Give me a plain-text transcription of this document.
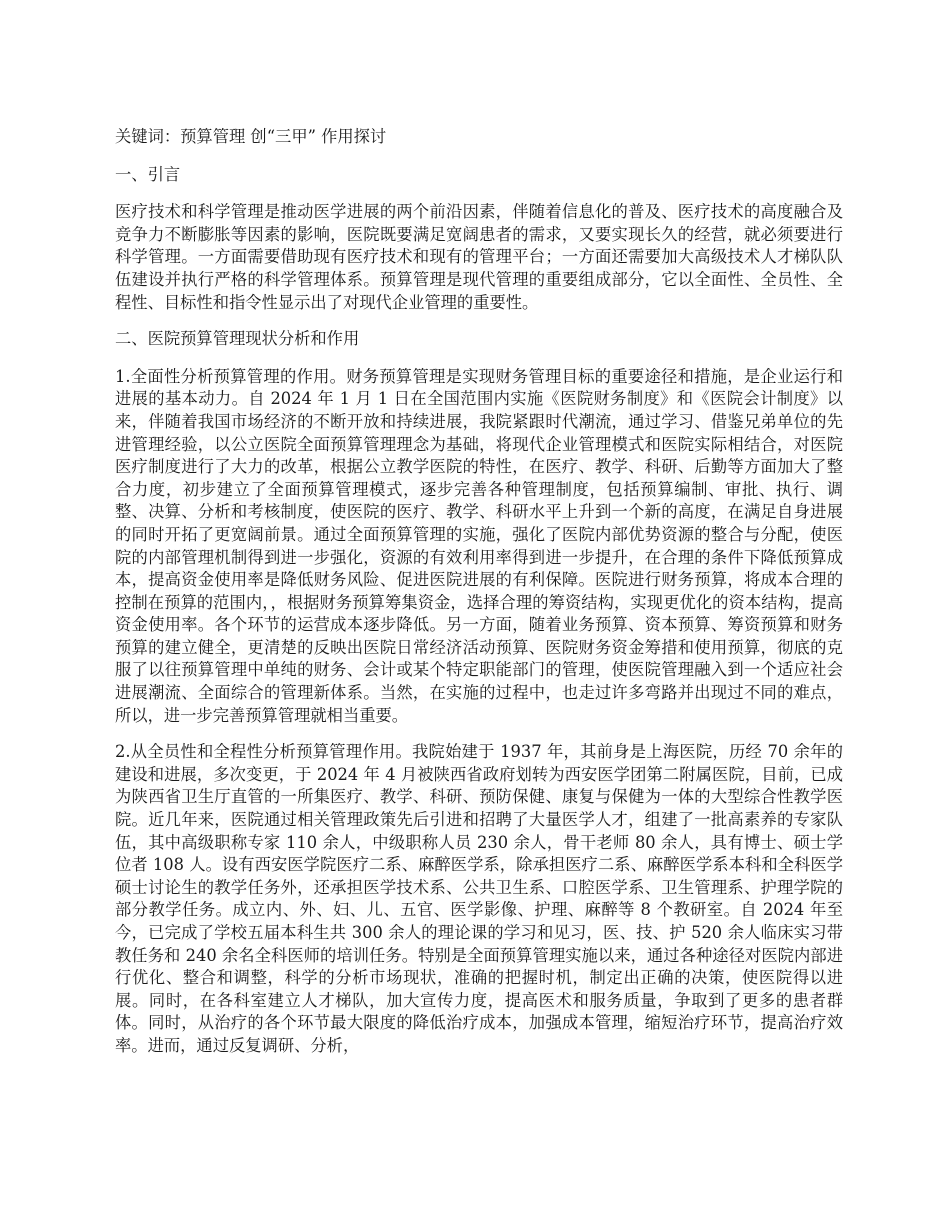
关键词：预算管理 创“三甲” 作用探讨

一、引言

医疗技术和科学管理是推动医学进展的两个前沿因素，伴随着信息化的普及、医疗技术的高度融合及竞争力不断膨胀等因素的影响，医院既要满足宽阔患者的需求，又要实现长久的经营，就必须要进行科学管理。一方面需要借助现有医疗技术和现有的管理平台；一方面还需要加大高级技术人才梯队队伍建设并执行严格的科学管理体系。预算管理是现代管理的重要组成部分，它以全面性、全员性、全程性、目标性和指令性显示出了对现代企业管理的重要性。

二、医院预算管理现状分析和作用

1.全面性分析预算管理的作用。财务预算管理是实现财务管理目标的重要途径和措施，是企业运行和进展的基本动力。自 2024 年 1 月 1 日在全国范围内实施《医院财务制度》和《医院会计制度》以来，伴随着我国市场经济的不断开放和持续进展，我院紧跟时代潮流，通过学习、借鉴兄弟单位的先进管理经验，以公立医院全面预算管理理念为基础，将现代企业管理模式和医院实际相结合，对医院医疗制度进行了大力的改革，根据公立教学医院的特性，在医疗、教学、科研、后勤等方面加大了整合力度，初步建立了全面预算管理模式，逐步完善各种管理制度，包括预算编制、审批、执行、调整、决算、分析和考核制度，使医院的医疗、教学、科研水平上升到一个新的高度，在满足自身进展的同时开拓了更宽阔前景。通过全面预算管理的实施，强化了医院内部优势资源的整合与分配，使医院的内部管理机制得到进一步强化，资源的有效利用率得到进一步提升，在合理的条件下降低预算成本，提高资金使用率是降低财务风险、促进医院进展的有利保障。医院进行财务预算，将成本合理的控制在预算的范围内，，根据财务预算筹集资金，选择合理的筹资结构，实现更优化的资本结构，提高资金使用率。各个环节的运营成本逐步降低。另一方面，随着业务预算、资本预算、筹资预算和财务预算的建立健全，更清楚的反映出医院日常经济活动预算、医院财务资金筹措和使用预算，彻底的克服了以往预算管理中单纯的财务、会计或某个特定职能部门的管理，使医院管理融入到一个适应社会进展潮流、全面综合的管理新体系。当然，在实施的过程中，也走过许多弯路并出现过不同的难点，所以，进一步完善预算管理就相当重要。

2.从全员性和全程性分析预算管理作用。我院始建于 1937 年，其前身是上海医院，历经 70 余年的建设和进展，多次变更，于 2024 年 4 月被陕西省政府划转为西安医学团第二附属医院，目前，已成为陕西省卫生厅直管的一所集医疗、教学、科研、预防保健、康复与保健为一体的大型综合性教学医院。近几年来，医院通过相关管理政策先后引进和招聘了大量医学人才，组建了一批高素养的专家队伍，其中高级职称专家 110 余人，中级职称人员 230 余人，骨干老师 80 余人，具有博士、硕士学位者 108 人。设有西安医学院医疗二系、麻醉医学系，除承担医疗二系、麻醉医学系本科和全科医学硕士讨论生的教学任务外，还承担医学技术系、公共卫生系、口腔医学系、卫生管理系、护理学院的部分教学任务。成立内、外、妇、儿、五官、医学影像、护理、麻醉等 8 个教研室。自 2024 年至今，已完成了学校五届本科生共 300 余人的理论课的学习和见习，医、技、护 520 余人临床实习带教任务和 240 余名全科医师的培训任务。特别是全面预算管理实施以来，通过各种途径对医院内部进行优化、整合和调整，科学的分析市场现状，准确的把握时机，制定出正确的决策，使医院得以进展。同时，在各科室建立人才梯队，加大宣传力度，提高医术和服务质量，争取到了更多的患者群体。同时，从治疗的各个环节最大限度的降低治疗成本，加强成本管理，缩短治疗环节，提高治疗效率。进而，通过反复调研、分析，
